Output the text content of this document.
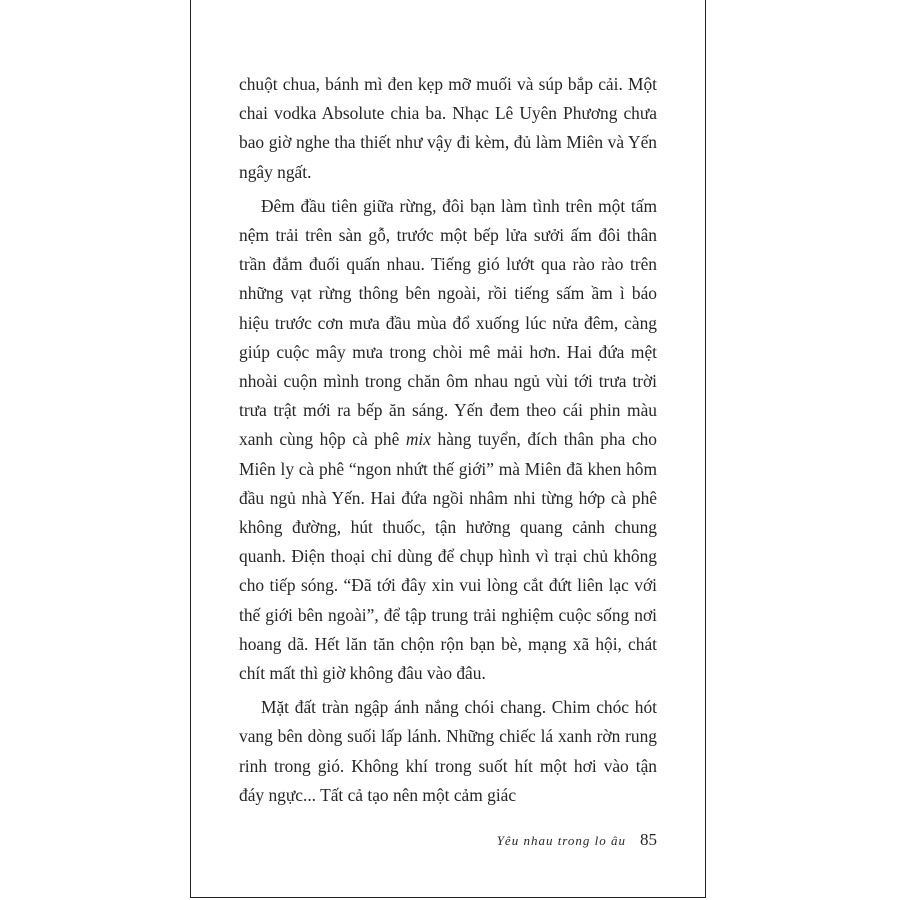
chuột chua, bánh mì đen kẹp mỡ muối và súp bắp cải. Một chai vodka Absolute chia ba. Nhạc Lê Uyên Phương chưa bao giờ nghe tha thiết như vậy đi kèm, đủ làm Miên và Yến ngây ngất.

Đêm đầu tiên giữa rừng, đôi bạn làm tình trên một tấm nệm trải trên sàn gỗ, trước một bếp lửa sưởi ấm đôi thân trần đắm đuối quấn nhau. Tiếng gió lướt qua rào rào trên những vạt rừng thông bên ngoài, rồi tiếng sấm ầm ì báo hiệu trước cơn mưa đầu mùa đổ xuống lúc nửa đêm, càng giúp cuộc mây mưa trong chòi mê mải hơn. Hai đứa mệt nhoài cuộn mình trong chăn ôm nhau ngủ vùi tới trưa trời trưa trật mới ra bếp ăn sáng. Yến đem theo cái phin màu xanh cùng hộp cà phê mix hàng tuyển, đích thân pha cho Miên ly cà phê “ngon nhứt thế giới” mà Miên đã khen hôm đầu ngủ nhà Yến. Hai đứa ngồi nhâm nhi từng hớp cà phê không đường, hút thuốc, tận hưởng quang cảnh chung quanh. Điện thoại chỉ dùng để chụp hình vì trại chủ không cho tiếp sóng. “Đã tới đây xin vui lòng cắt đứt liên lạc với thế giới bên ngoài”, để tập trung trải nghiệm cuộc sống nơi hoang dã. Hết lăn tăn chộn rộn bạn bè, mạng xã hội, chát chít mất thì giờ không đâu vào đâu.

Mặt đất tràn ngập ánh nắng chói chang. Chim chóc hót vang bên dòng suối lấp lánh. Những chiếc lá xanh rờn rung rinh trong gió. Không khí trong suốt hít một hơi vào tận đáy ngực... Tất cả tạo nên một cảm giác

Yêu nhau trong lo âu 85
